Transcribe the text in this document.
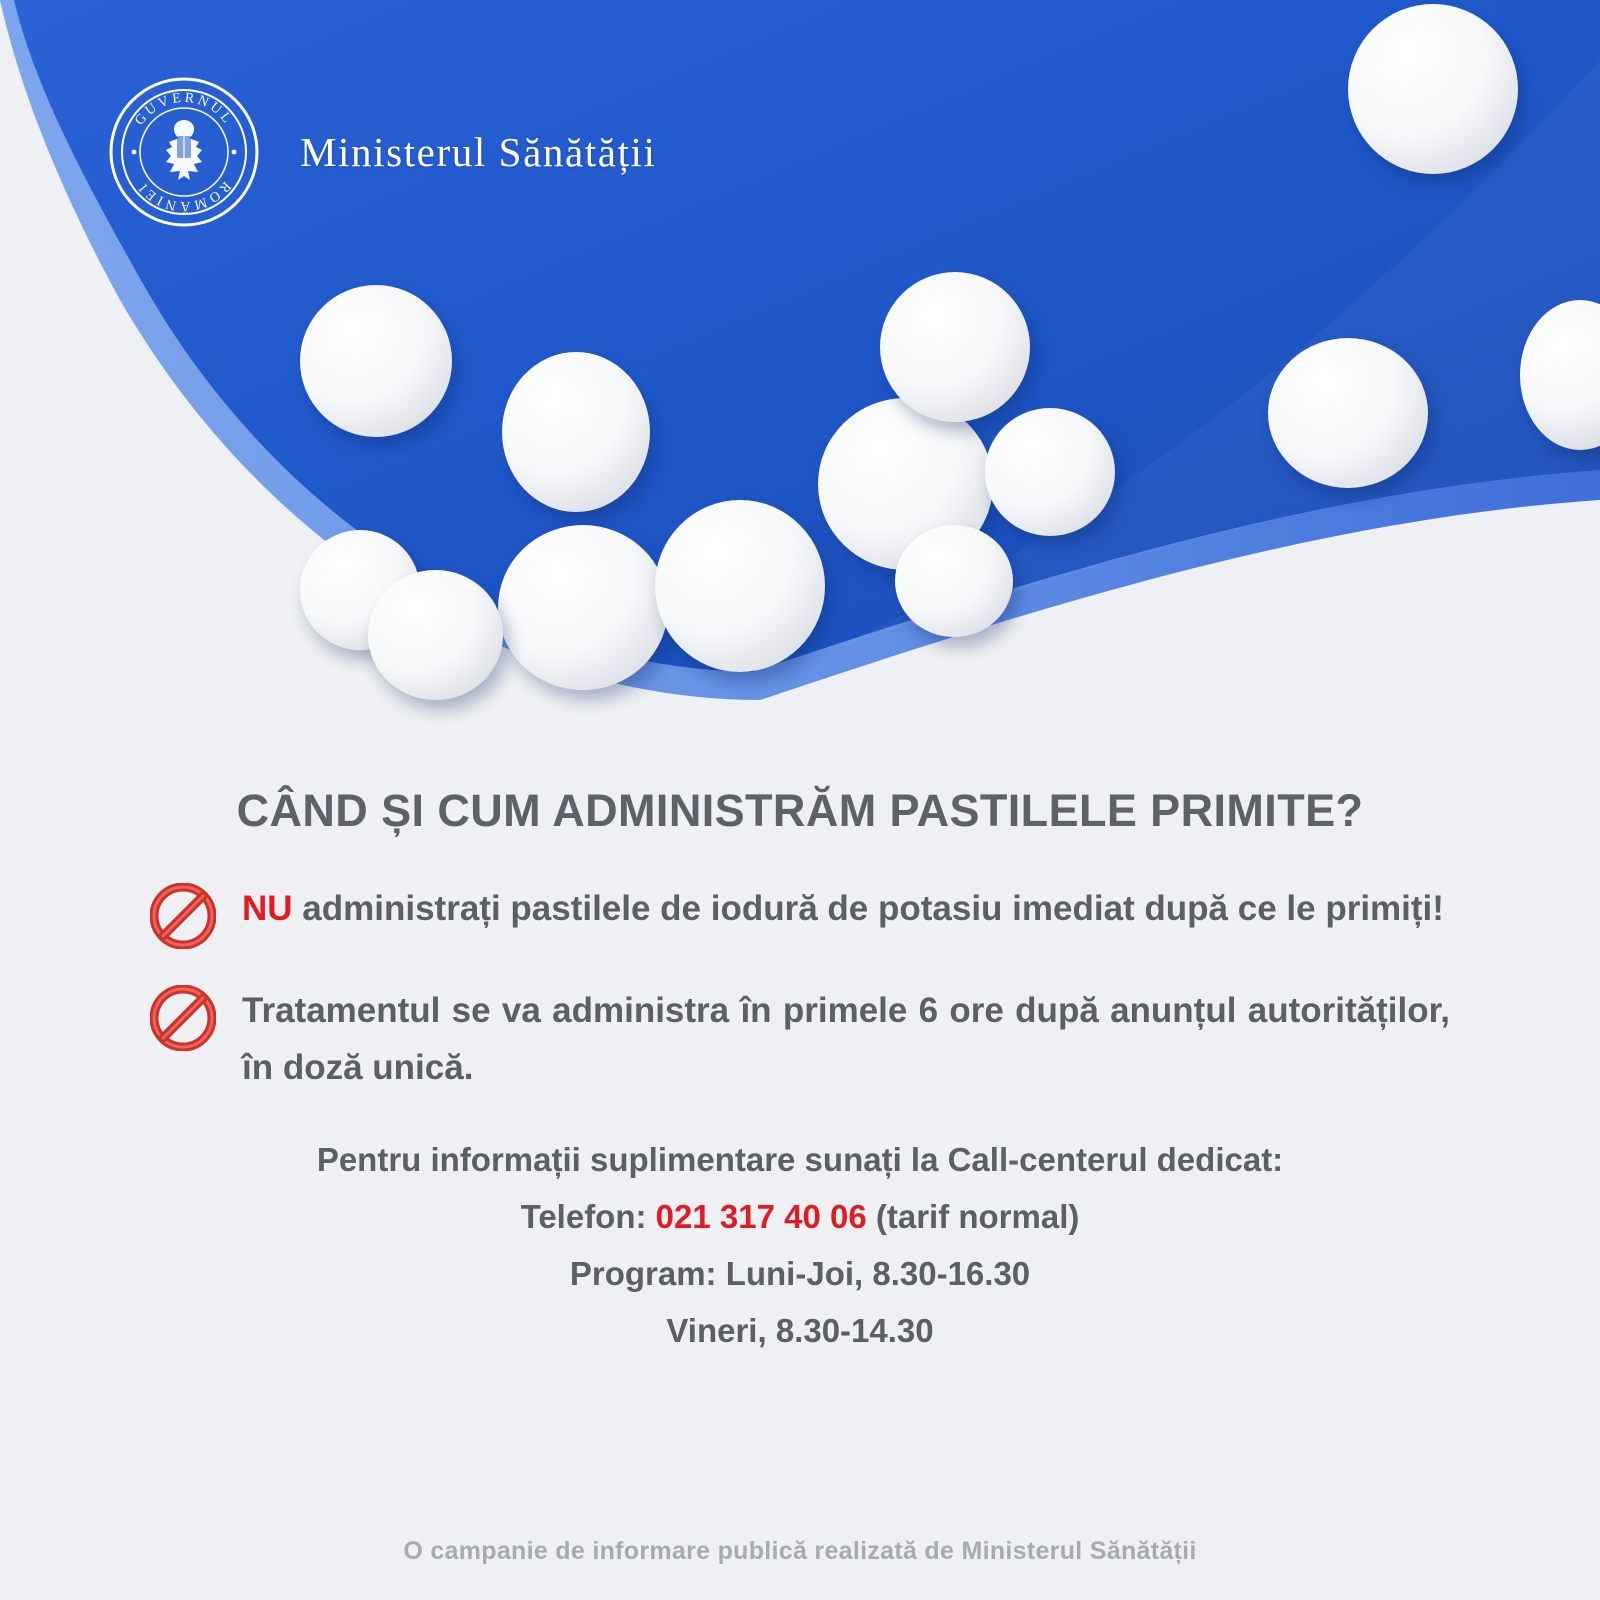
GUVERNUL
ROMÂNIEI
Ministerul Sănătății
CÂND ȘI CUM ADMINISTRĂM PASTILELE PRIMITE?
NU administrați pastilele de iodură de potasiu imediat după ce le primiți!
Tratamentul se va administra în primele 6 ore după anunțul autorităților, în doză unică.
Pentru informații suplimentare sunați la Call-centerul dedicat:
Telefon: 021 317 40 06 (tarif normal)
Program: Luni-Joi, 8.30-16.30
Vineri, 8.30-14.30
O campanie de informare publică realizată de Ministerul Sănătății
